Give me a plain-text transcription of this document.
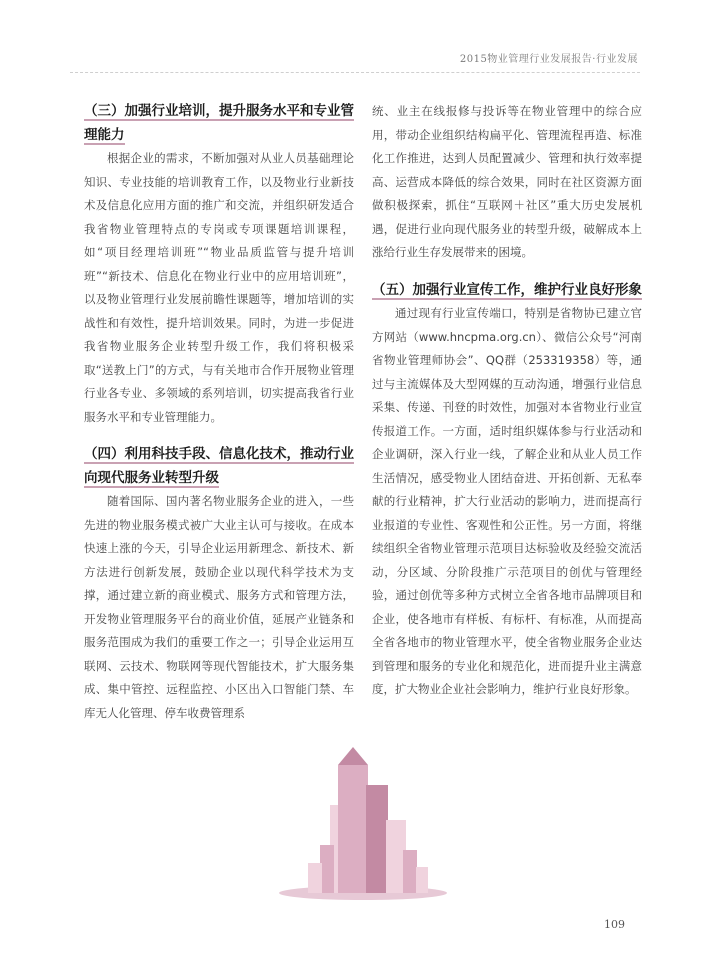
2015物业管理行业发展报告·行业发展
（三）加强行业培训，提升服务水平和专业管理能力

根据企业的需求，不断加强对从业人员基础理论知识、专业技能的培训教育工作，以及物业行业新技术及信息化应用方面的推广和交流，并组织研发适合我省物业管理特点的专岗或专项课题培训课程，如“项目经理培训班”“物业品质监管与提升培训班”“新技术、信息化在物业行业中的应用培训班”，以及物业管理行业发展前瞻性课题等，增加培训的实战性和有效性，提升培训效果。同时，为进一步促进我省物业服务企业转型升级工作，我们将积极采取“送教上门”的方式，与有关地市合作开展物业管理行业各专业、多领域的系列培训，切实提高我省行业服务水平和专业管理能力。

（四）利用科技手段、信息化技术，推动行业向现代服务业转型升级

随着国际、国内著名物业服务企业的进入，一些先进的物业服务模式被广大业主认可与接收。在成本快速上涨的今天，引导企业运用新理念、新技术、新方法进行创新发展，鼓励企业以现代科学技术为支撑，通过建立新的商业模式、服务方式和管理方法，开发物业管理服务平台的商业价值，延展产业链条和服务范围成为我们的重要工作之一；引导企业运用互联网、云技术、物联网等现代智能技术，扩大服务集成、集中管控、远程监控、小区出入口智能门禁、车库无人化管理、停车收费管理系

统、业主在线报修与投诉等在物业管理中的综合应用，带动企业组织结构扁平化、管理流程再造、标准化工作推进，达到人员配置减少、管理和执行效率提高、运营成本降低的综合效果，同时在社区资源方面做积极探索，抓住“互联网＋社区”重大历史发展机遇，促进行业向现代服务业的转型升级，破解成本上涨给行业生存发展带来的困境。

（五）加强行业宣传工作，维护行业良好形象

通过现有行业宣传端口，特别是省物协已建立官方网站（www.hncpma.org.cn）、微信公众号“河南省物业管理师协会”、QQ群（253319358）等，通过与主流媒体及大型网媒的互动沟通，增强行业信息采集、传递、刊登的时效性，加强对本省物业行业宣传报道工作。一方面，适时组织媒体参与行业活动和企业调研，深入行业一线，了解企业和从业人员工作生活情况，感受物业人团结奋进、开拓创新、无私奉献的行业精神，扩大行业活动的影响力，进而提高行业报道的专业性、客观性和公正性。另一方面，将继续组织全省物业管理示范项目达标验收及经验交流活动，分区域、分阶段推广示范项目的创优与管理经验，通过创优等多种方式树立全省各地市品牌项目和企业，使各地市有样板、有标杆、有标准，从而提高全省各地市的物业管理水平，使全省物业服务企业达到管理和服务的专业化和规范化，进而提升业主满意度，扩大物业企业社会影响力，维护行业良好形象。

109
